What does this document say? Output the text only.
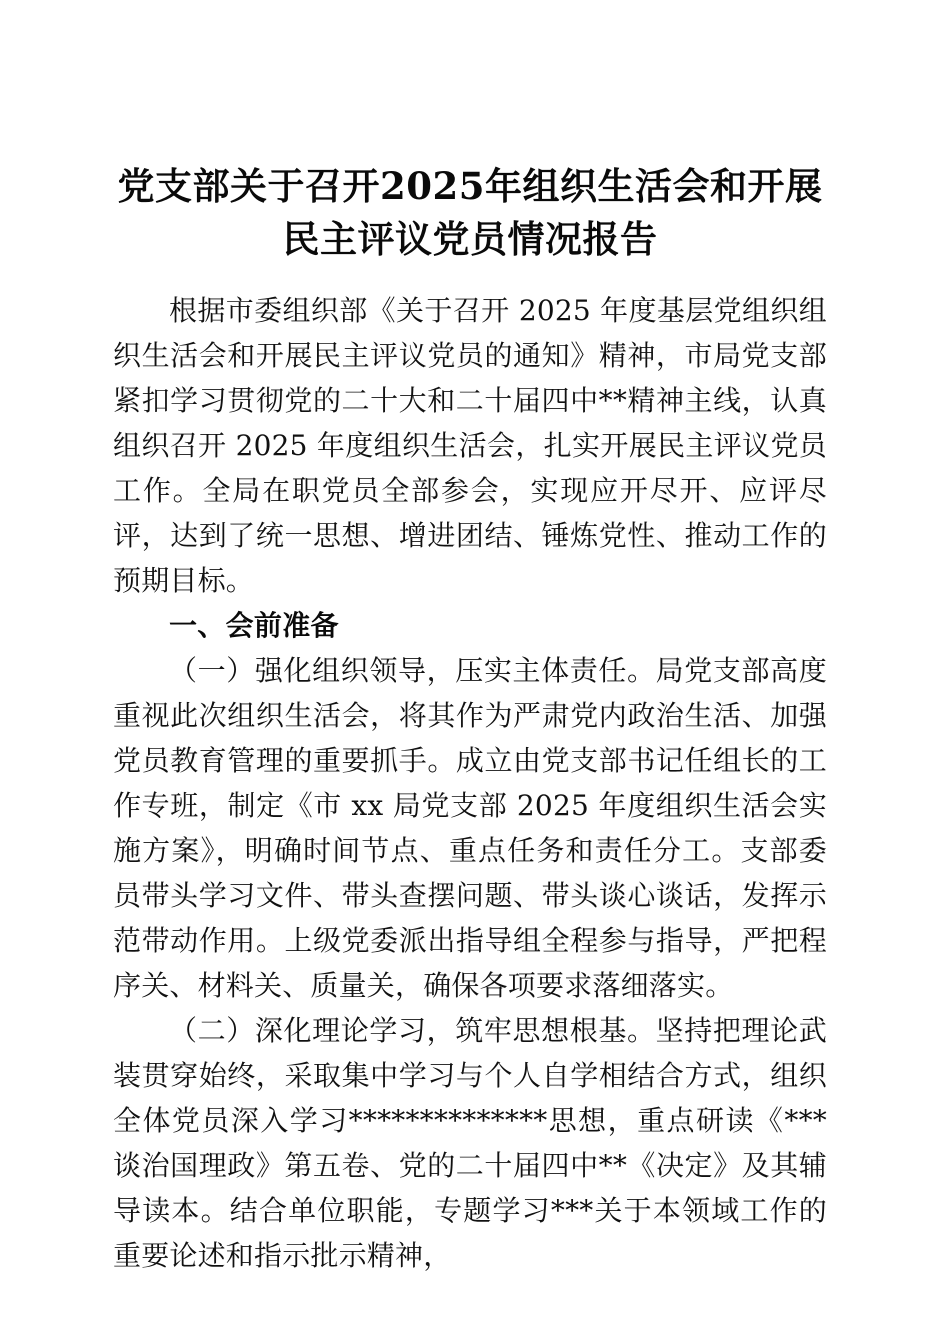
党支部关于召开2025年组织生活会和开展民主评议党员情况报告

根据市委组织部《关于召开 2025 年度基层党组织组织生活会和开展民主评议党员的通知》精神，市局党支部紧扣学习贯彻党的二十大和二十届四中**精神主线，认真组织召开 2025 年度组织生活会，扎实开展民主评议党员工作。全局在职党员全部参会，实现应开尽开、应评尽评，达到了统一思想、增进团结、锤炼党性、推动工作的预期目标。

一、会前准备

（一）强化组织领导，压实主体责任。局党支部高度重视此次组织生活会，将其作为严肃党内政治生活、加强党员教育管理的重要抓手。成立由党支部书记任组长的工作专班，制定《市 xx 局党支部 2025 年度组织生活会实施方案》，明确时间节点、重点任务和责任分工。支部委员带头学习文件、带头查摆问题、带头谈心谈话，发挥示范带动作用。上级党委派出指导组全程参与指导，严把程序关、材料关、质量关，确保各项要求落细落实。

（二）深化理论学习，筑牢思想根基。坚持把理论武装贯穿始终，采取集中学习与个人自学相结合方式，组织全体党员深入学习**************思想，重点研读《***谈治国理政》第五卷、党的二十届四中**《决定》及其辅导读本。结合单位职能，专题学习***关于本领域工作的重要论述和指示批示精神，
